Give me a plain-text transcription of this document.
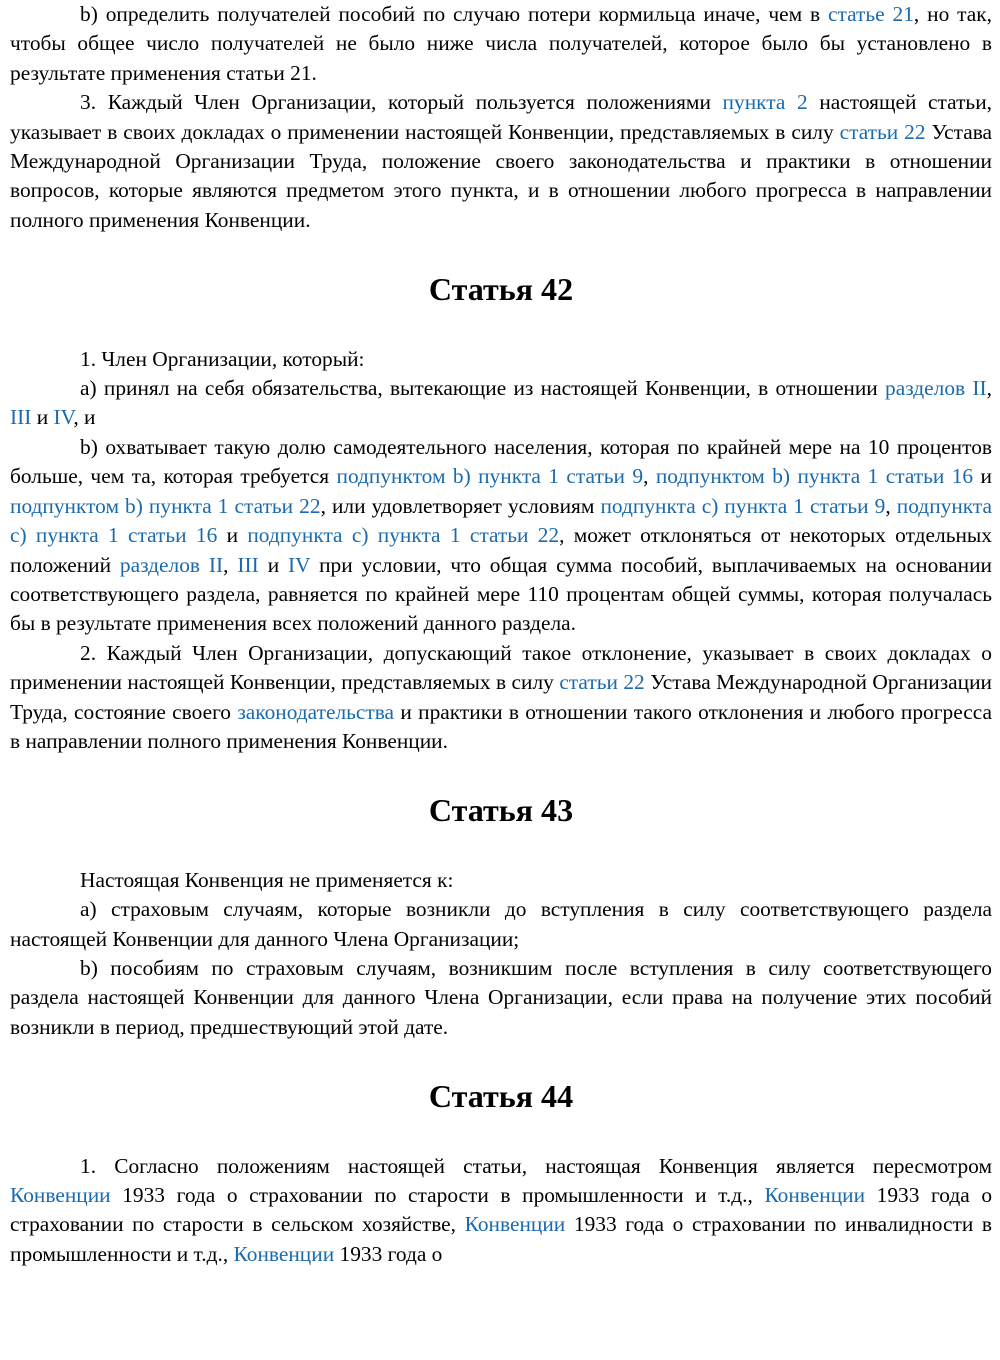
b) определить получателей пособий по случаю потери кормильца иначе, чем в статье 21, но так, чтобы общее число получателей не было ниже числа получателей, которое было бы установлено в результате применения статьи 21.

3. Каждый Член Организации, который пользуется положениями пункта 2 настоящей статьи, указывает в своих докладах о применении настоящей Конвенции, представляемых в силу статьи 22 Устава Международной Организации Труда, положение своего законодательства и практики в отношении вопросов, которые являются предметом этого пункта, и в отношении любого прогресса в направлении полного применения Конвенции.

Статья 42

1. Член Организации, который:

a) принял на себя обязательства, вытекающие из настоящей Конвенции, в отношении разделов II, III и IV, и

b) охватывает такую долю самодеятельного населения, которая по крайней мере на 10 процентов больше, чем та, которая требуется подпунктом b) пункта 1 статьи 9, подпунктом b) пункта 1 статьи 16 и подпунктом b) пункта 1 статьи 22, или удовлетворяет условиям подпункта c) пункта 1 статьи 9, подпункта c) пункта 1 статьи 16 и подпункта c) пункта 1 статьи 22, может отклоняться от некоторых отдельных положений разделов II, III и IV при условии, что общая сумма пособий, выплачиваемых на основании соответствующего раздела, равняется по крайней мере 110 процентам общей суммы, которая получалась бы в результате применения всех положений данного раздела.

2. Каждый Член Организации, допускающий такое отклонение, указывает в своих докладах о применении настоящей Конвенции, представляемых в силу статьи 22 Устава Международной Организации Труда, состояние своего законодательства и практики в отношении такого отклонения и любого прогресса в направлении полного применения Конвенции.

Статья 43

Настоящая Конвенция не применяется к:

a) страховым случаям, которые возникли до вступления в силу соответствующего раздела настоящей Конвенции для данного Члена Организации;

b) пособиям по страховым случаям, возникшим после вступления в силу соответствующего раздела настоящей Конвенции для данного Члена Организации, если права на получение этих пособий возникли в период, предшествующий этой дате.

Статья 44

1. Согласно положениям настоящей статьи, настоящая Конвенция является пересмотром Конвенции 1933 года о страховании по старости в промышленности и т.д., Конвенции 1933 года о страховании по старости в сельском хозяйстве, Конвенции 1933 года о страховании по инвалидности в промышленности и т.д., Конвенции 1933 года о
